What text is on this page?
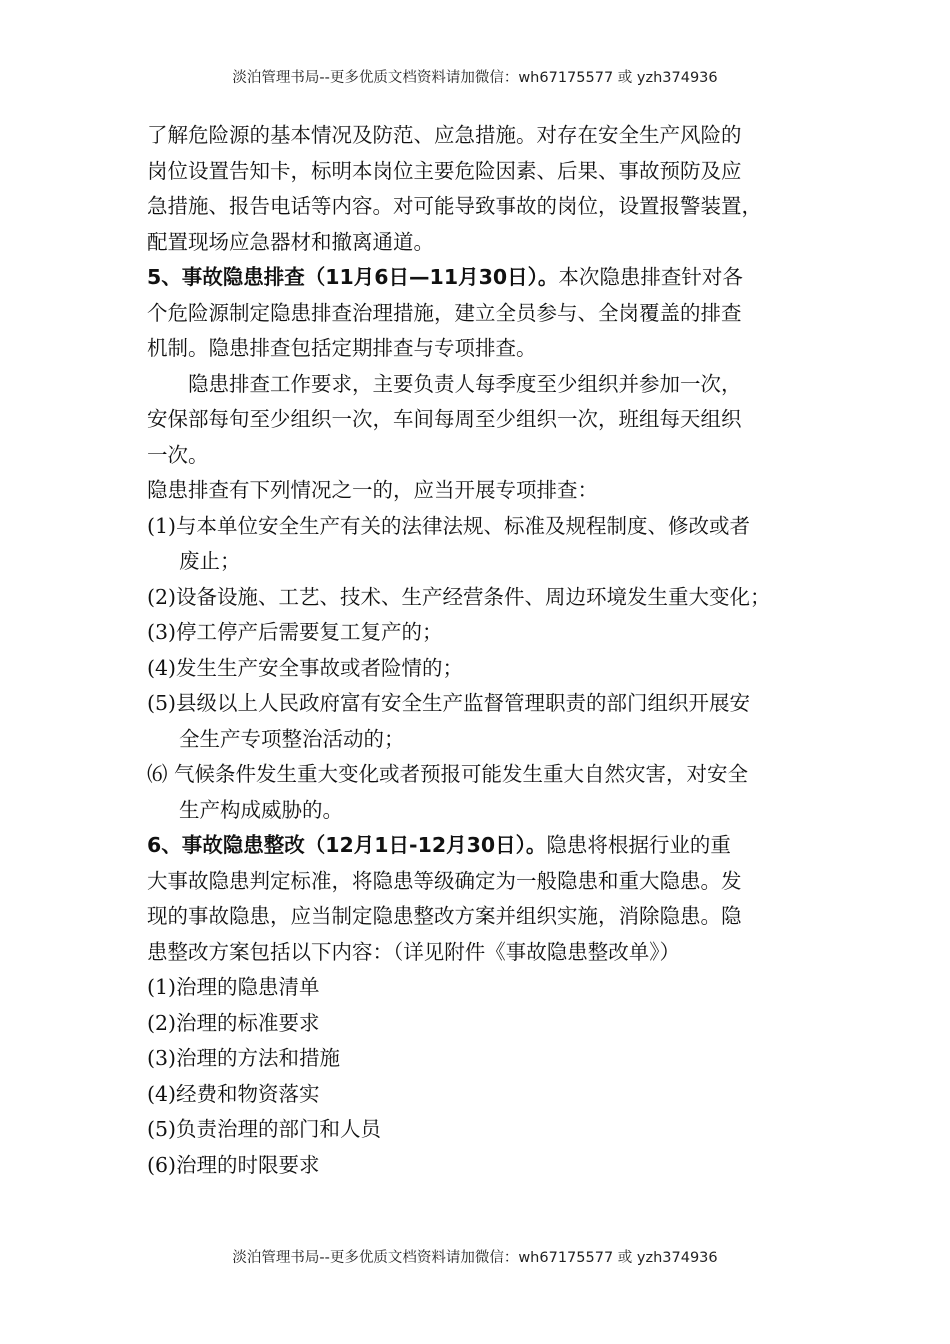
淡泊管理书局--更多优质文档资料请加微信：wh67175577 或 yzh374936
了解危险源的基本情况及防范、应急措施。对存在安全生产风险的
岗位设置告知卡，标明本岗位主要危险因素、后果、事故预防及应
急措施、报告电话等内容。对可能导致事故的岗位，设置报警装置，
配置现场应急器材和撤离通道。
5、事故隐患排查（11月6日—11月30日）。本次隐患排查针对各
个危险源制定隐患排查治理措施，建立全员参与、全岗覆盖的排查
机制。隐患排查包括定期排查与专项排查。
隐患排查工作要求，主要负责人每季度至少组织并参加一次，
安保部每旬至少组织一次，车间每周至少组织一次，班组每天组织
一次。
隐患排查有下列情况之一的，应当开展专项排查：
(1)与本单位安全生产有关的法律法规、标准及规程制度、修改或者
废止；
(2)设备设施、工艺、技术、生产经营条件、周边环境发生重大变化；
(3)停工停产后需要复工复产的；
(4)发生生产安全事故或者险情的；
(5)县级以上人民政府富有安全生产监督管理职责的部门组织开展安
全生产专项整治活动的；
⑹ 气候条件发生重大变化或者预报可能发生重大自然灾害，对安全
生产构成威胁的。
6、事故隐患整改（12月1日-12月30日）。隐患将根据行业的重
大事故隐患判定标准，将隐患等级确定为一般隐患和重大隐患。发
现的事故隐患，应当制定隐患整改方案并组织实施，消除隐患。隐
患整改方案包括以下内容：（详见附件《事故隐患整改单》）
(1)治理的隐患清单
(2)治理的标准要求
(3)治理的方法和措施
(4)经费和物资落实
(5)负责治理的部门和人员
(6)治理的时限要求
淡泊管理书局--更多优质文档资料请加微信：wh67175577 或 yzh374936
